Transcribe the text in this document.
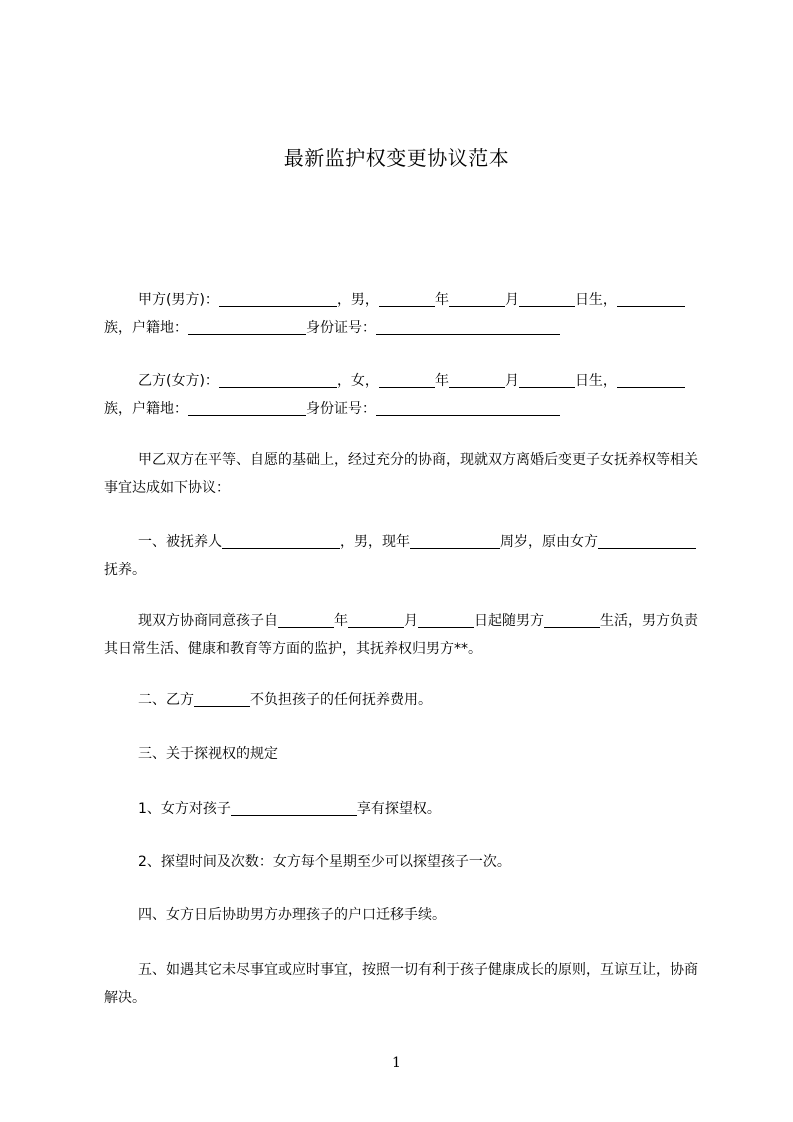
最新监护权变更协议范本

甲方(男方)：	，男，	年	月	日生，族，户籍地：	身份证号：

乙方(女方)：	，女，	年	月	日生，族，户籍地：	身份证号：

甲乙双方在平等、自愿的基础上，经过充分的协商，现就双方离婚后变更子女抚养权等相关事宜达成如下协议：

一、被抚养人	，男，现年	周岁，原由女方抚养。

现双方协商同意孩子自	年	月	日起随男方	生活，男方负责其日常生活、健康和教育等方面的监护，其抚养权归男方**。

二、乙方	不负担孩子的任何抚养费用。

三、关于探视权的规定

1、女方对孩子	享有探望权。

2、探望时间及次数：女方每个星期至少可以探望孩子一次。

四、女方日后协助男方办理孩子的户口迁移手续。

五、如遇其它未尽事宜或应时事宜，按照一切有利于孩子健康成长的原则，互谅互让，协商解决。

1
